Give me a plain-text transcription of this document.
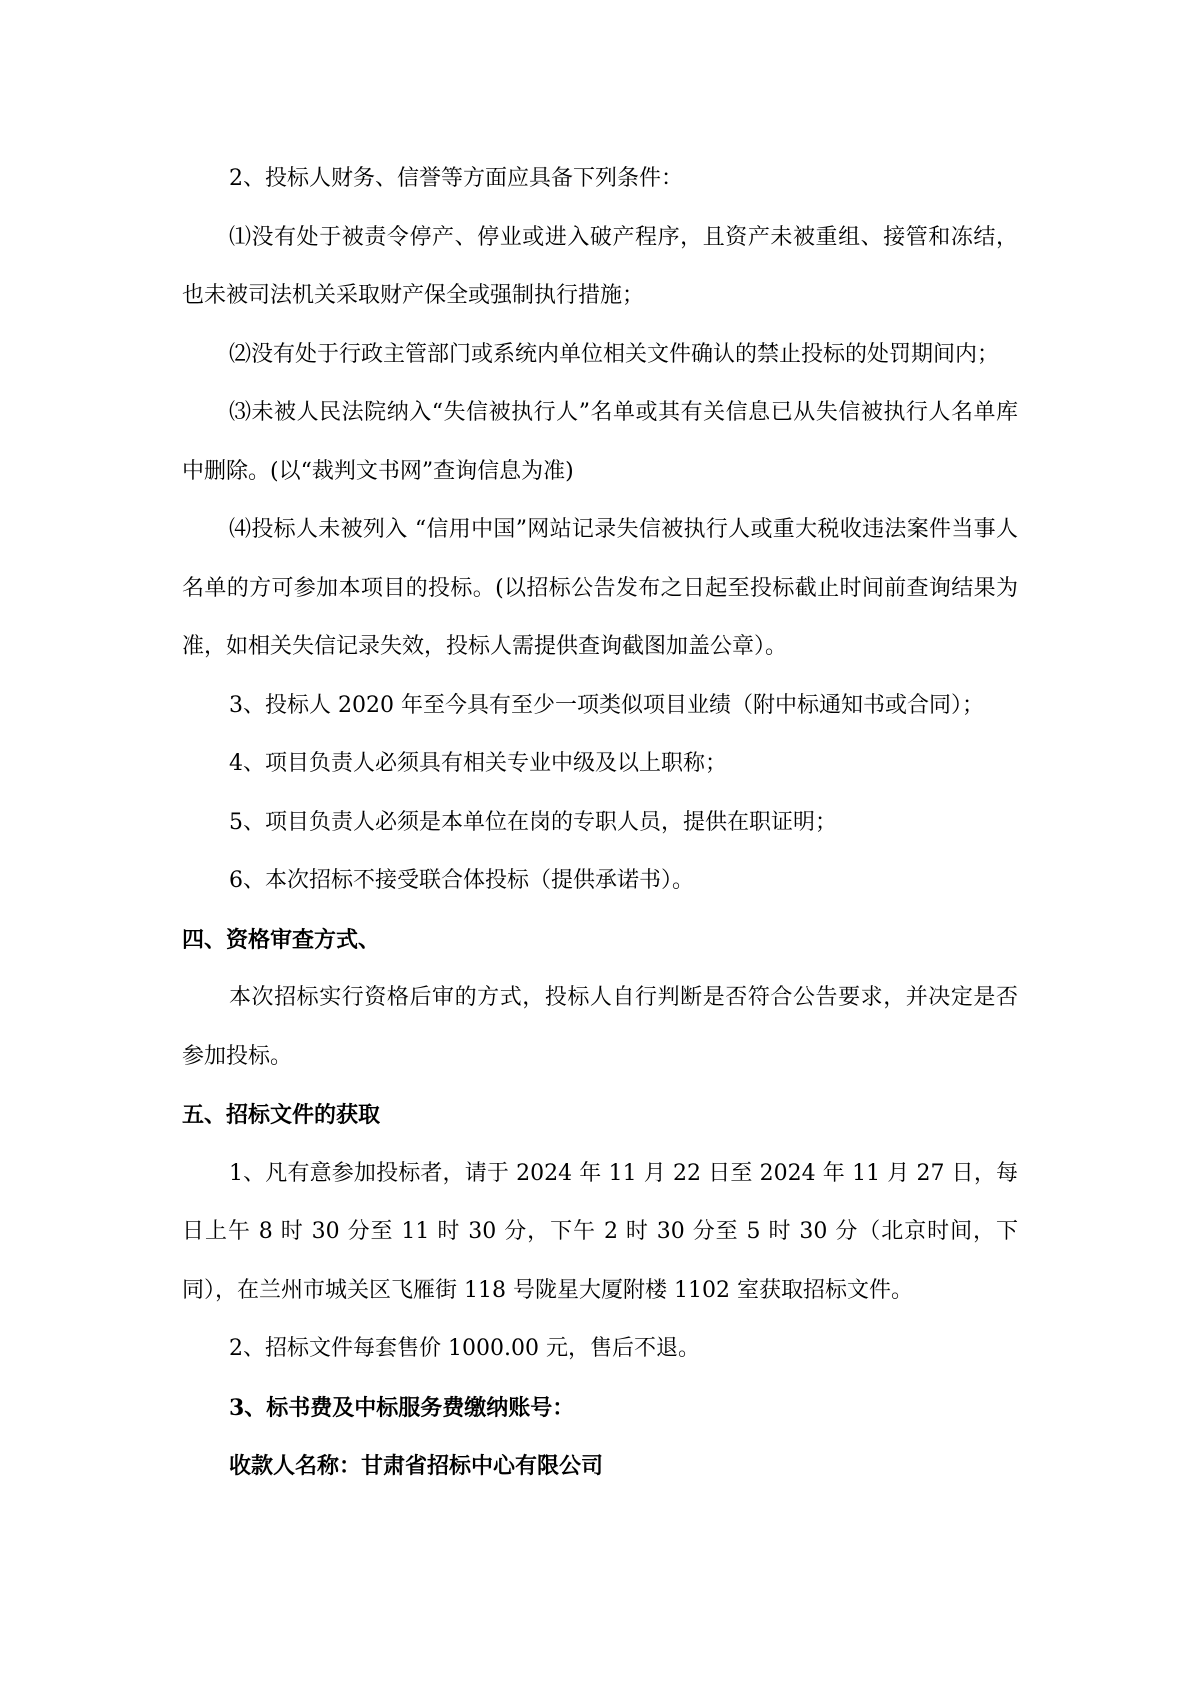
2、投标人财务、信誉等方面应具备下列条件：

⑴没有处于被责令停产、停业或进入破产程序，且资产未被重组、接管和冻结，也未被司法机关采取财产保全或强制执行措施；

⑵没有处于行政主管部门或系统内单位相关文件确认的禁止投标的处罚期间内；

⑶未被人民法院纳入“失信被执行人”名单或其有关信息已从失信被执行人名单库中删除。(以“裁判文书网”查询信息为准)

⑷投标人未被列入 “信用中国”网站记录失信被执行人或重大税收违法案件当事人名单的方可参加本项目的投标。(以招标公告发布之日起至投标截止时间前查询结果为准，如相关失信记录失效，投标人需提供查询截图加盖公章）。

3、投标人 2020 年至今具有至少一项类似项目业绩（附中标通知书或合同）；

4、项目负责人必须具有相关专业中级及以上职称；

5、项目负责人必须是本单位在岗的专职人员，提供在职证明；

6、本次招标不接受联合体投标（提供承诺书）。

四、资格审查方式、

本次招标实行资格后审的方式，投标人自行判断是否符合公告要求，并决定是否参加投标。

五、招标文件的获取

1、凡有意参加投标者，请于 2024 年 11 月 22 日至 2024 年 11 月 27 日，每日上午 8 时 30 分至 11 时 30 分，下午 2 时 30 分至 5 时 30 分（北京时间，下同），在兰州市城关区飞雁街 118 号陇星大厦附楼 1102 室获取招标文件。

2、招标文件每套售价 1000.00 元，售后不退。

3、标书费及中标服务费缴纳账号：

收款人名称：甘肃省招标中心有限公司
